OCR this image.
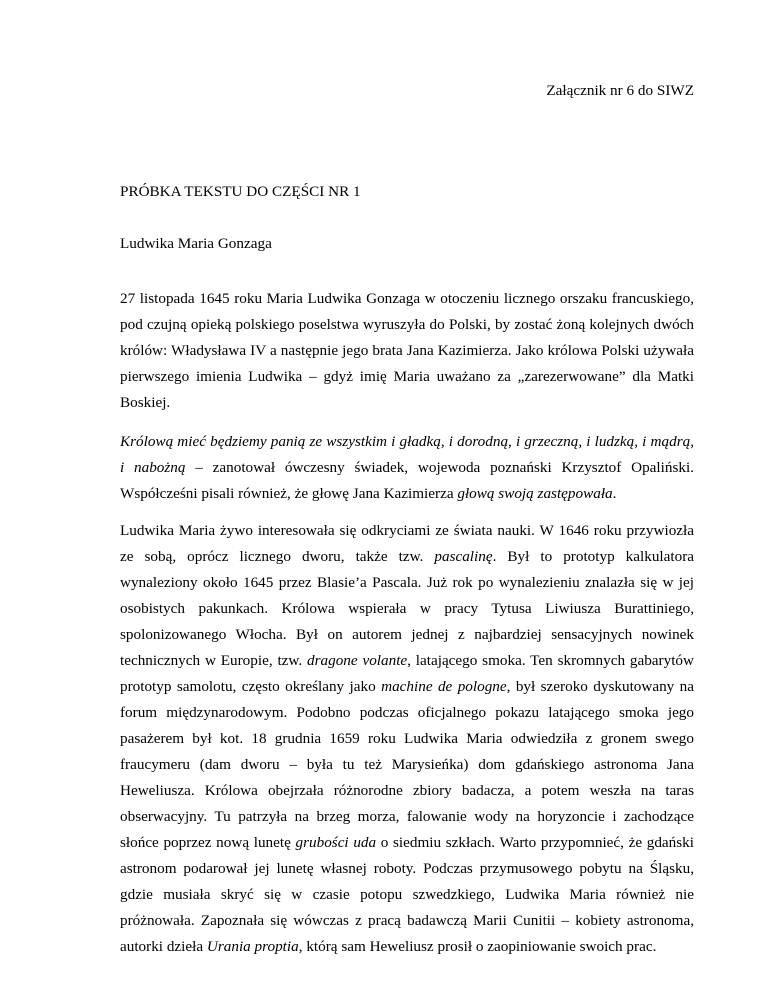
Załącznik nr 6 do SIWZ
PRÓBKA TEKSTU DO CZĘŚCI NR 1
Ludwika Maria Gonzaga
27 listopada 1645 roku Maria Ludwika Gonzaga w otoczeniu licznego orszaku francuskiego,
pod czujną opieką polskiego poselstwa wyruszyła do Polski, by zostać żoną kolejnych dwóch
królów: Władysława IV a następnie jego brata Jana Kazimierza. Jako królowa Polski używała
pierwszego imienia Ludwika – gdyż imię Maria uważano za „zarezerwowane” dla Matki
Boskiej.
Królową mieć będziemy panią ze wszystkim i gładką, i dorodną, i grzeczną, i ludzką, i mądrą,
i nabożną – zanotował ówczesny świadek, wojewoda poznański Krzysztof Opaliński.
Współcześni pisali również, że głowę Jana Kazimierza głową swoją zastępowała.
Ludwika Maria żywo interesowała się odkryciami ze świata nauki. W 1646 roku przywiozła
ze sobą, oprócz licznego dworu, także tzw. pascalinę. Był to prototyp kalkulatora
wynaleziony około 1645 przez Blasie’a Pascala. Już rok po wynalezieniu znalazła się w jej
osobistych pakunkach. Królowa wspierała w pracy Tytusa Liwiusza Burattiniego,
spolonizowanego Włocha. Był on autorem jednej z najbardziej sensacyjnych nowinek
technicznych w Europie, tzw. dragone volante, latającego smoka. Ten skromnych gabarytów
prototyp samolotu, często określany jako machine de pologne, był szeroko dyskutowany na
forum międzynarodowym. Podobno podczas oficjalnego pokazu latającego smoka jego
pasażerem był kot. 18 grudnia 1659 roku Ludwika Maria odwiedziła z gronem swego
fraucymeru (dam dworu – była tu też Marysieńka) dom gdańskiego astronoma Jana
Heweliusza. Królowa obejrzała różnorodne zbiory badacza, a potem weszła na taras
obserwacyjny. Tu patrzyła na brzeg morza, falowanie wody na horyzoncie i zachodzące
słońce poprzez nową lunetę grubości uda o siedmiu szkłach. Warto przypomnieć, że gdański
astronom podarował jej lunetę własnej roboty. Podczas przymusowego pobytu na Śląsku,
gdzie musiała skryć się w czasie potopu szwedzkiego, Ludwika Maria również nie
próżnowała. Zapoznała się wówczas z pracą badawczą Marii Cunitii – kobiety astronoma,
autorki dzieła Urania proptia, którą sam Heweliusz prosił o zaopiniowanie swoich prac.
